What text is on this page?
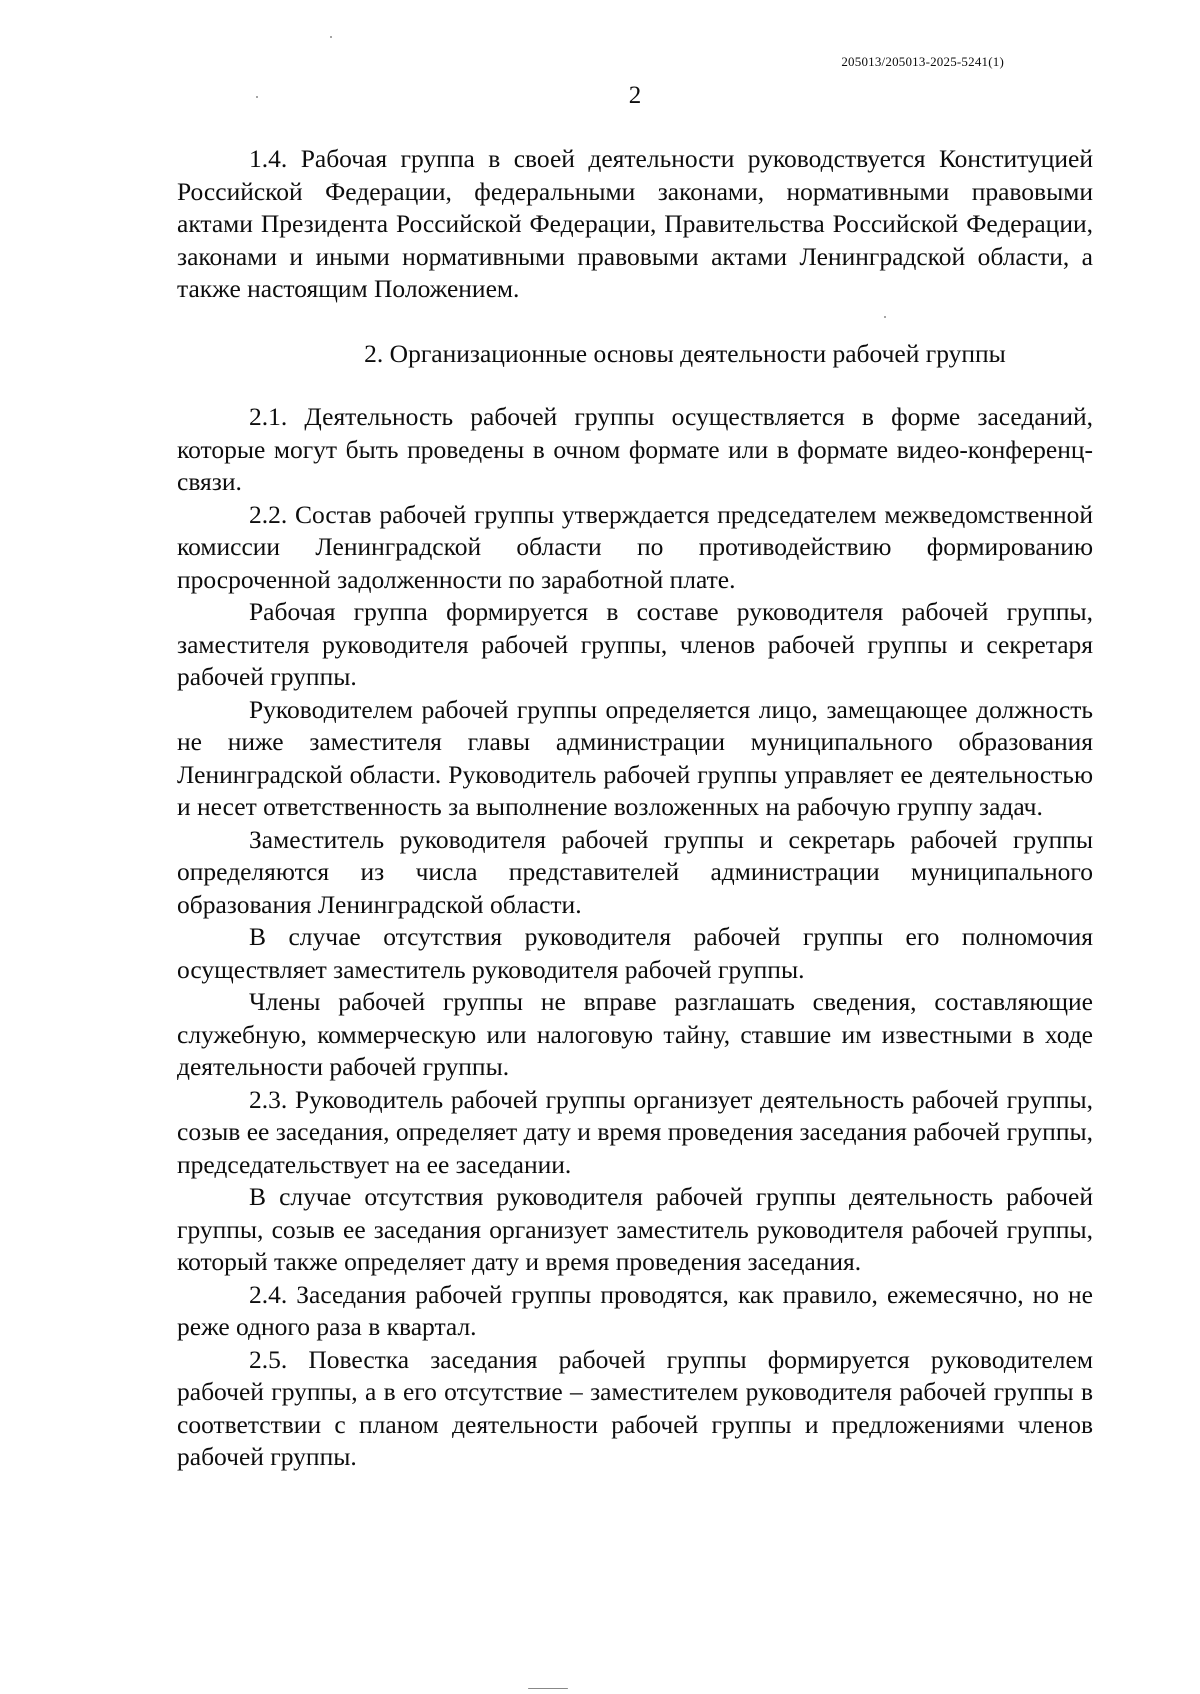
205013/205013-2025-5241(1)
2

1.4. Рабочая группа в своей деятельности руководствуется Конституцией Российской Федерации, федеральными законами, нормативными правовыми актами Президента Российской Федерации, Правительства Российской Федерации, законами и иными нормативными правовыми актами Ленинградской области, а также настоящим Положением.

2. Организационные основы деятельности рабочей группы

2.1. Деятельность рабочей группы осуществляется в форме заседаний, которые могут быть проведены в очном формате или в формате видео-конференц-связи.

2.2. Состав рабочей группы утверждается председателем межведомственной комиссии Ленинградской области по противодействию формированию просроченной задолженности по заработной плате.

Рабочая группа формируется в составе руководителя рабочей группы, заместителя руководителя рабочей группы, членов рабочей группы и секретаря рабочей группы.

Руководителем рабочей группы определяется лицо, замещающее должность не ниже заместителя главы администрации муниципального образования Ленинградской области. Руководитель рабочей группы управляет ее деятельностью и несет ответственность за выполнение возложенных на рабочую группу задач.

Заместитель руководителя рабочей группы и секретарь рабочей группы определяются из числа представителей администрации муниципального образования Ленинградской области.

В случае отсутствия руководителя рабочей группы его полномочия осуществляет заместитель руководителя рабочей группы.

Члены рабочей группы не вправе разглашать сведения, составляющие служебную, коммерческую или налоговую тайну, ставшие им известными в ходе деятельности рабочей группы.

2.3. Руководитель рабочей группы организует деятельность рабочей группы, созыв ее заседания, определяет дату и время проведения заседания рабочей группы, председательствует на ее заседании.

В случае отсутствия руководителя рабочей группы деятельность рабочей группы, созыв ее заседания организует заместитель руководителя рабочей группы, который также определяет дату и время проведения заседания.

2.4. Заседания рабочей группы проводятся, как правило, ежемесячно, но не реже одного раза в квартал.

2.5. Повестка заседания рабочей группы формируется руководителем рабочей группы, а в его отсутствие – заместителем руководителя рабочей группы в соответствии с планом деятельности рабочей группы и предложениями членов рабочей группы.
